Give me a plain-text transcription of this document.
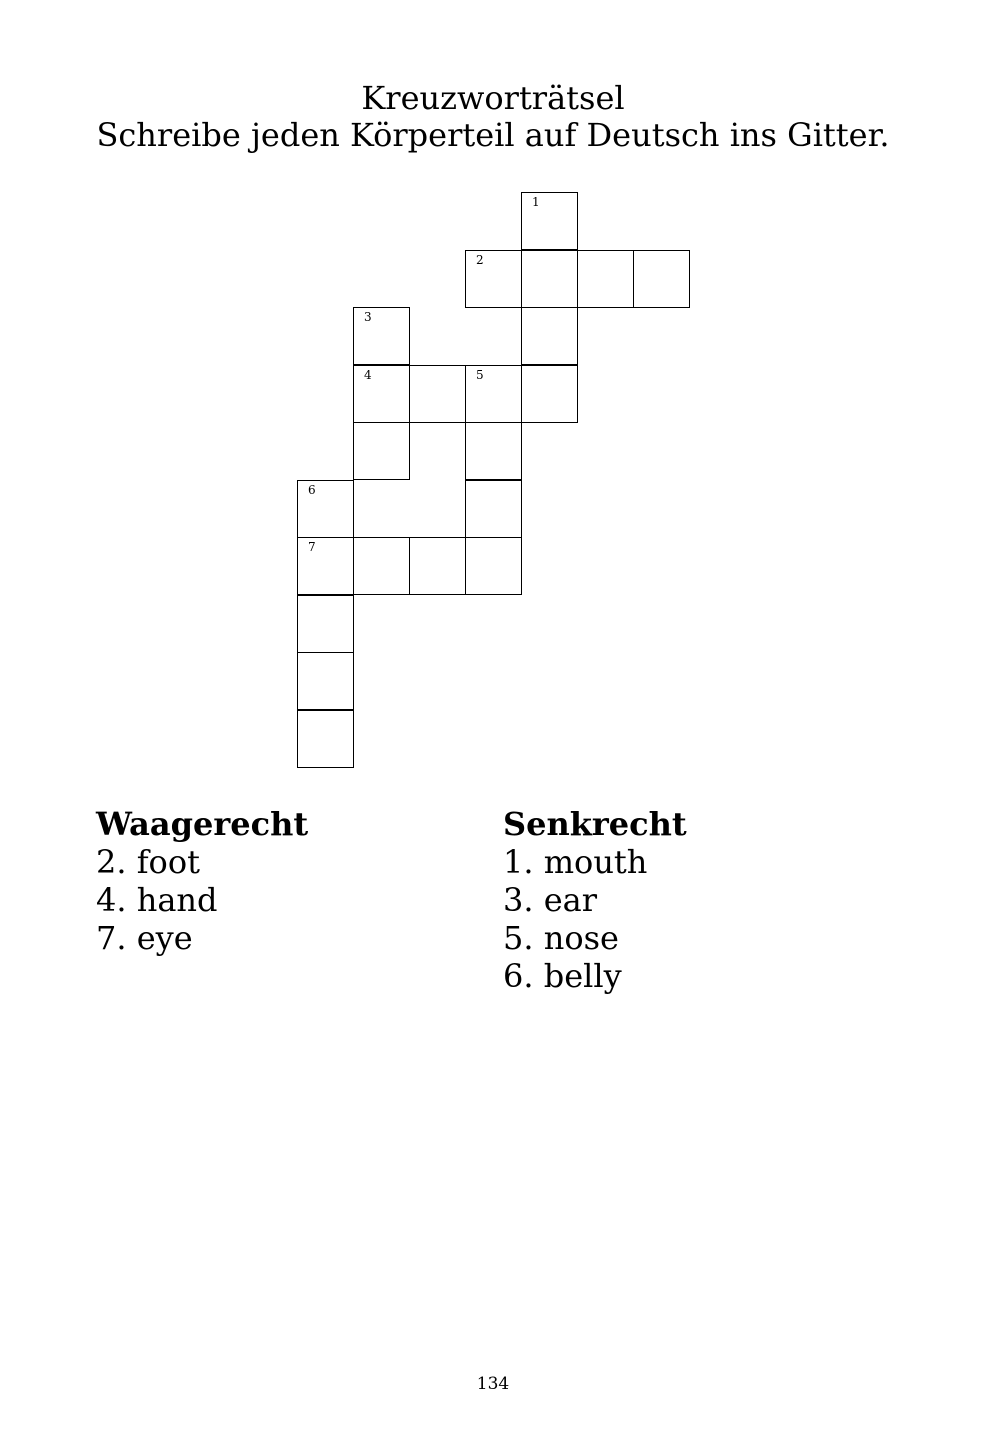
Kreuzworträtsel
Schreibe jeden Körperteil auf Deutsch ins Gitter.
1
2
3
4	5
6
7
Waagerecht
2. foot
4. hand
7. eye
Senkrecht
1. mouth
3. ear
5. nose
6. belly
134
